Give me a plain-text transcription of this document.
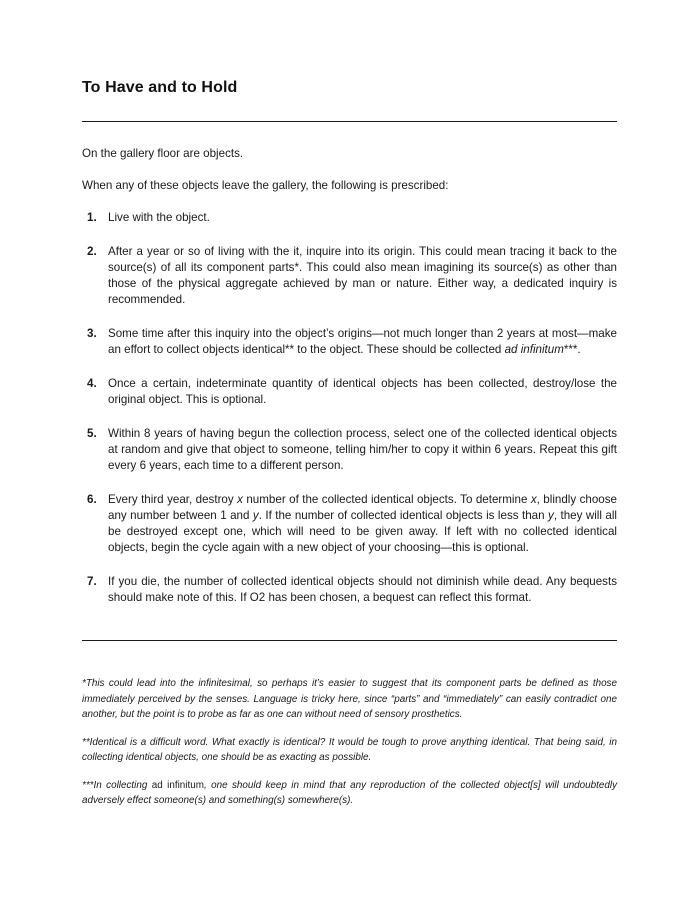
To Have and to Hold

On the gallery floor are objects.

When any of these objects leave the gallery, the following is prescribed:

1. Live with the object.
2. After a year or so of living with the it, inquire into its origin. This could mean tracing it back to the source(s) of all its component parts*. This could also mean imagining its source(s) as other than those of the physical aggregate achieved by man or nature. Either way, a dedicated inquiry is recommended.
3. Some time after this inquiry into the object’s origins—not much longer than 2 years at most—make an effort to collect objects identical** to the object. These should be collected ad infinitum***.
4. Once a certain, indeterminate quantity of identical objects has been collected, destroy/lose the original object. This is optional.
5. Within 8 years of having begun the collection process, select one of the collected identical objects at random and give that object to someone, telling him/her to copy it within 6 years. Repeat this gift every 6 years, each time to a different person.
6. Every third year, destroy x number of the collected identical objects. To determine x, blindly choose any number between 1 and y. If the number of collected identical objects is less than y, they will all be destroyed except one, which will need to be given away. If left with no collected identical objects, begin the cycle again with a new object of your choosing—this is optional.
7. If you die, the number of collected identical objects should not diminish while dead. Any bequests should make note of this. If O2 has been chosen, a bequest can reflect this format.

*This could lead into the infinitesimal, so perhaps it’s easier to suggest that its component parts be defined as those immediately perceived by the senses. Language is tricky here, since “parts” and “immediately” can easily contradict one another, but the point is to probe as far as one can without need of sensory prosthetics.

**Identical is a difficult word. What exactly is identical? It would be tough to prove anything identical. That being said, in collecting identical objects, one should be as exacting as possible.

***In collecting ad infinitum, one should keep in mind that any reproduction of the collected object[s] will undoubtedly adversely effect someone(s) and something(s) somewhere(s).
